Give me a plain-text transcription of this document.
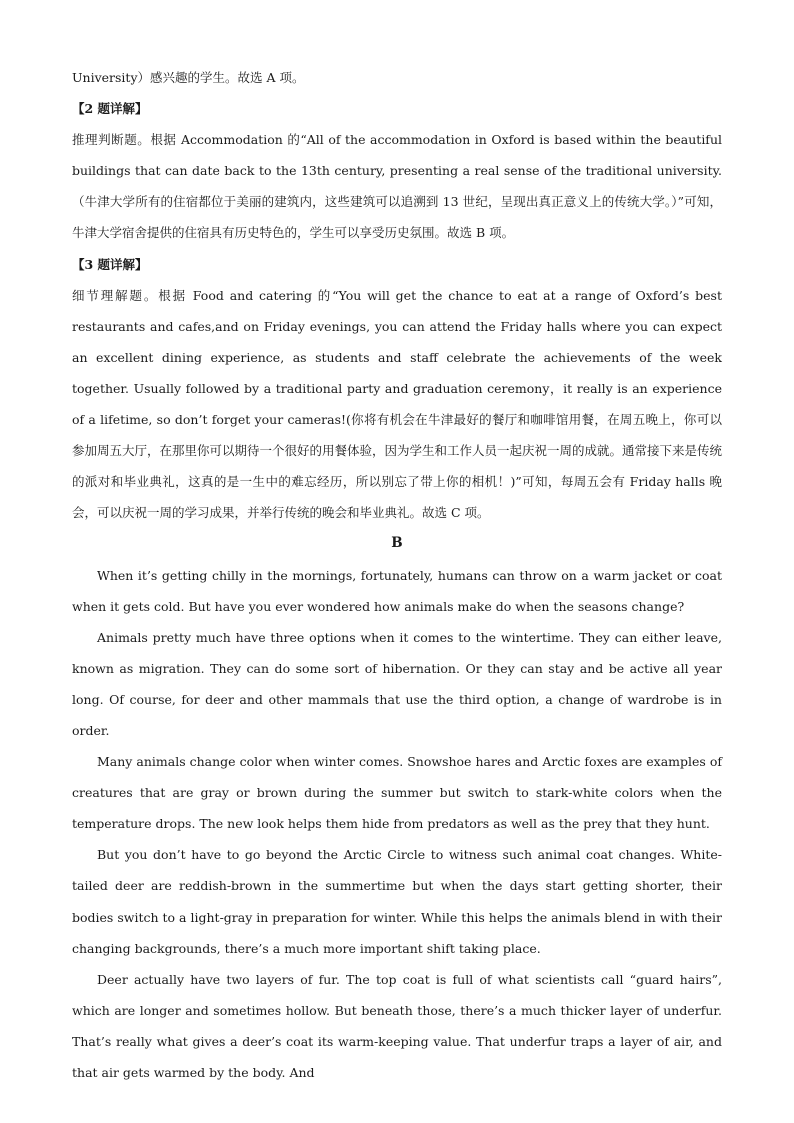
University）感兴趣的学生。故选 A 项。

【2 题详解】

推理判断题。根据 Accommodation 的“All of the accommodation in Oxford is based within the beautiful buildings that can date back to the 13th century, presenting a real sense of the traditional university. （牛津大学所有的住宿都位于美丽的建筑内，这些建筑可以追溯到 13 世纪，呈现出真正意义上的传统大学。）”可知，牛津大学宿舍提供的住宿具有历史特色的，学生可以享受历史氛围。故选 B 项。

【3 题详解】

细节理解题。根据 Food and catering 的“You will get the chance to eat at a range of Oxford’s best restaurants and cafes,and on Friday evenings, you can attend the Friday halls where you can expect an excellent dining experience, as students and staff celebrate the achievements of the week together. Usually followed by a traditional party and graduation ceremony，it really is an experience of a lifetime, so don’t forget your cameras!(你将有机会在牛津最好的餐厅和咖啡馆用餐，在周五晚上，你可以参加周五大厅，在那里你可以期待一个很好的用餐体验，因为学生和工作人员一起庆祝一周的成就。通常接下来是传统的派对和毕业典礼，这真的是一生中的难忘经历，所以别忘了带上你的相机！)”可知，每周五会有 Friday halls 晚会，可以庆祝一周的学习成果，并举行传统的晚会和毕业典礼。故选 C 项。

B

When it’s getting chilly in the mornings, fortunately, humans can throw on a warm jacket or coat when it gets cold. But have you ever wondered how animals make do when the seasons change?

Animals pretty much have three options when it comes to the wintertime. They can either leave, known as migration. They can do some sort of hibernation. Or they can stay and be active all year long. Of course, for deer and other mammals that use the third option, a change of wardrobe is in order.

Many animals change color when winter comes. Snowshoe hares and Arctic foxes are examples of creatures that are gray or brown during the summer but switch to stark-white colors when the temperature drops. The new look helps them hide from predators as well as the prey that they hunt.

But you don’t have to go beyond the Arctic Circle to witness such animal coat changes. White-tailed deer are reddish-brown in the summertime but when the days start getting shorter, their bodies switch to a light-gray in preparation for winter. While this helps the animals blend in with their changing backgrounds, there’s a much more important shift taking place.

Deer actually have two layers of fur. The top coat is full of what scientists call “guard hairs”, which are longer and sometimes hollow. But beneath those, there’s a much thicker layer of underfur. That’s really what gives a deer’s coat its warm-keeping value. That underfur traps a layer of air, and that air gets warmed by the body. And
